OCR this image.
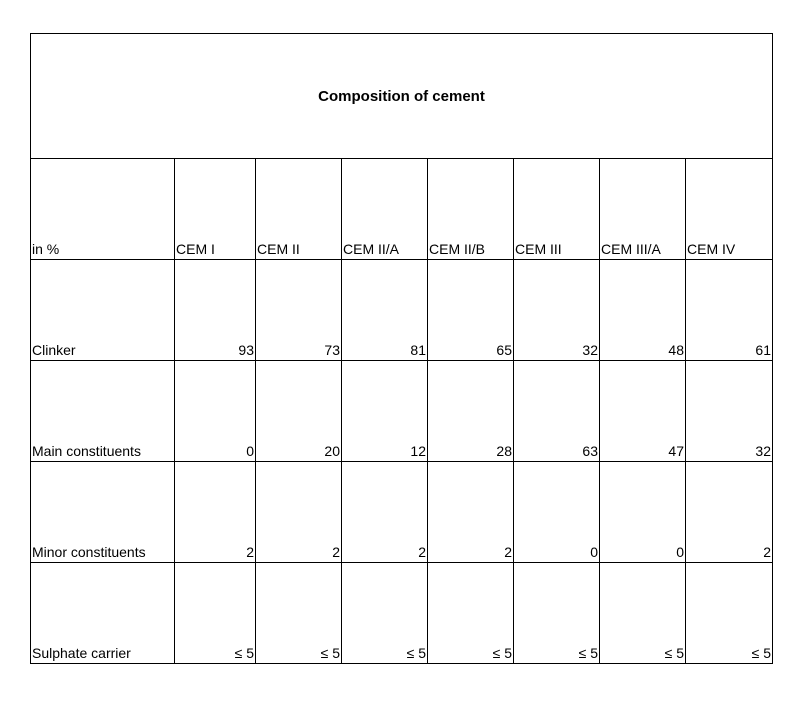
Composition of cement							
in %	CEM I	CEM II	CEM II/A	CEM II/B	CEM III	CEM III/A	CEM IV
Clinker	93	73	81	65	32	48	61
Main constituents	0	20	12	28	63	47	32
Minor constituents	2	2	2	2	0	0	2
Sulphate carrier	≤ 5	≤ 5	≤ 5	≤ 5	≤ 5	≤ 5	≤ 5
